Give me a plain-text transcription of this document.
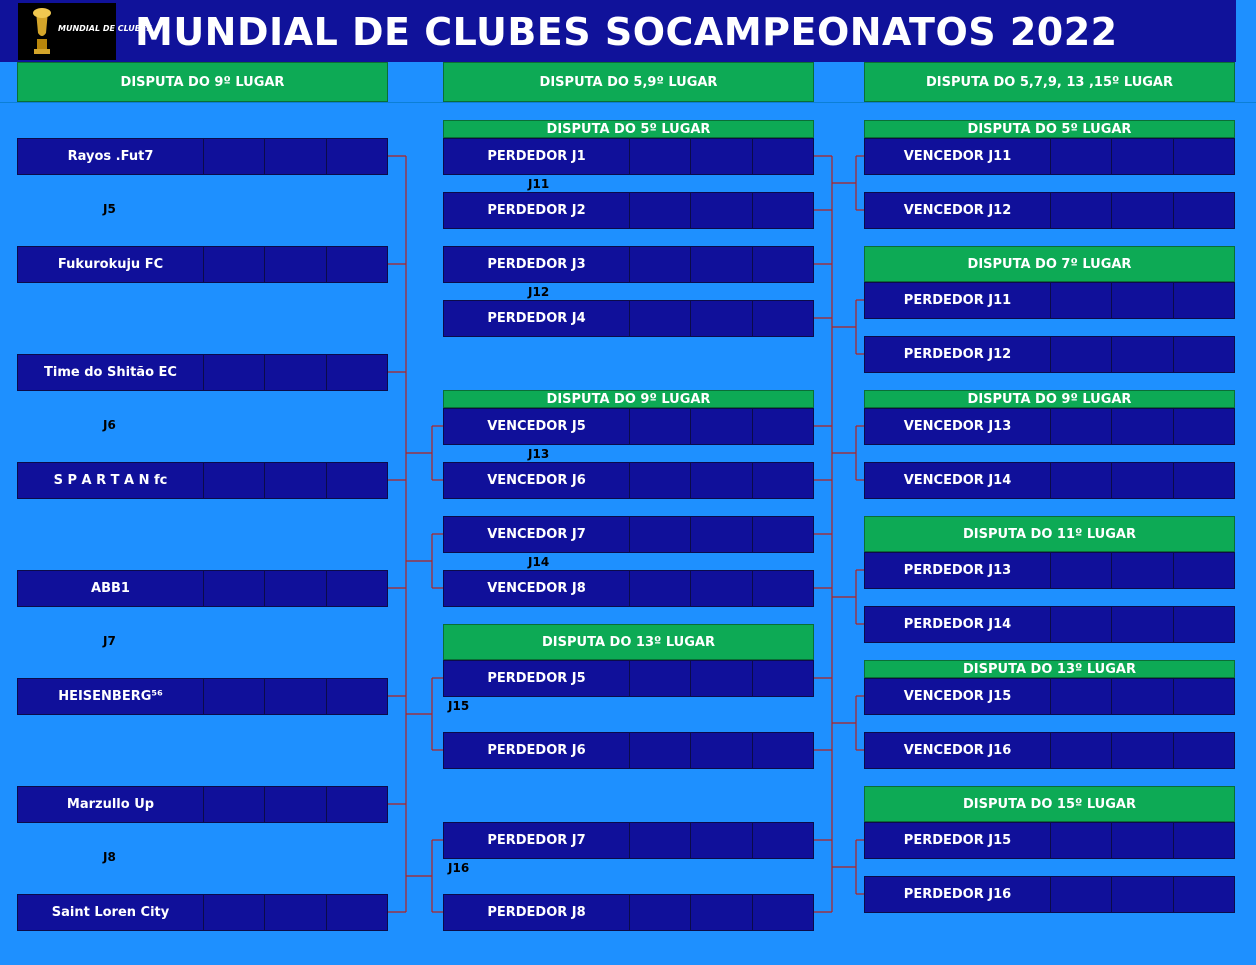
MUNDIAL DE CLUBES
MUNDIAL DE CLUBES SOCAMPEONATOS 2022
DISPUTA DO 9º LUGAR	DISPUTA DO 5,9º LUGAR	DISPUTA DO 5,7,9, 13 ,15º LUGAR
Rayos .Fut7
Fukurokuju FC
Time do Shitão EC
S P A R T A N fc
ABB1
HEISENBERG⁵⁶
Marzullo Up
Saint Loren City
J5
J6
J7
J8
DISPUTA DO 5º LUGAR
DISPUTA DO 9º LUGAR
DISPUTA DO 13º LUGAR
PERDEDOR J1
PERDEDOR J2
PERDEDOR J3
PERDEDOR J4
VENCEDOR J5
VENCEDOR J6
VENCEDOR J7
VENCEDOR J8
PERDEDOR J5
PERDEDOR J6
PERDEDOR J7
PERDEDOR J8
J11
J12
J13
J14
J15
J16
DISPUTA DO 5º LUGAR
DISPUTA DO 7º LUGAR
DISPUTA DO 9º LUGAR
DISPUTA DO 11º LUGAR
DISPUTA DO 13º LUGAR
DISPUTA DO 15º LUGAR
VENCEDOR J11
VENCEDOR J12
PERDEDOR J11
PERDEDOR J12
VENCEDOR J13
VENCEDOR J14
PERDEDOR J13
PERDEDOR J14
VENCEDOR J15
VENCEDOR J16
PERDEDOR J15
PERDEDOR J16
